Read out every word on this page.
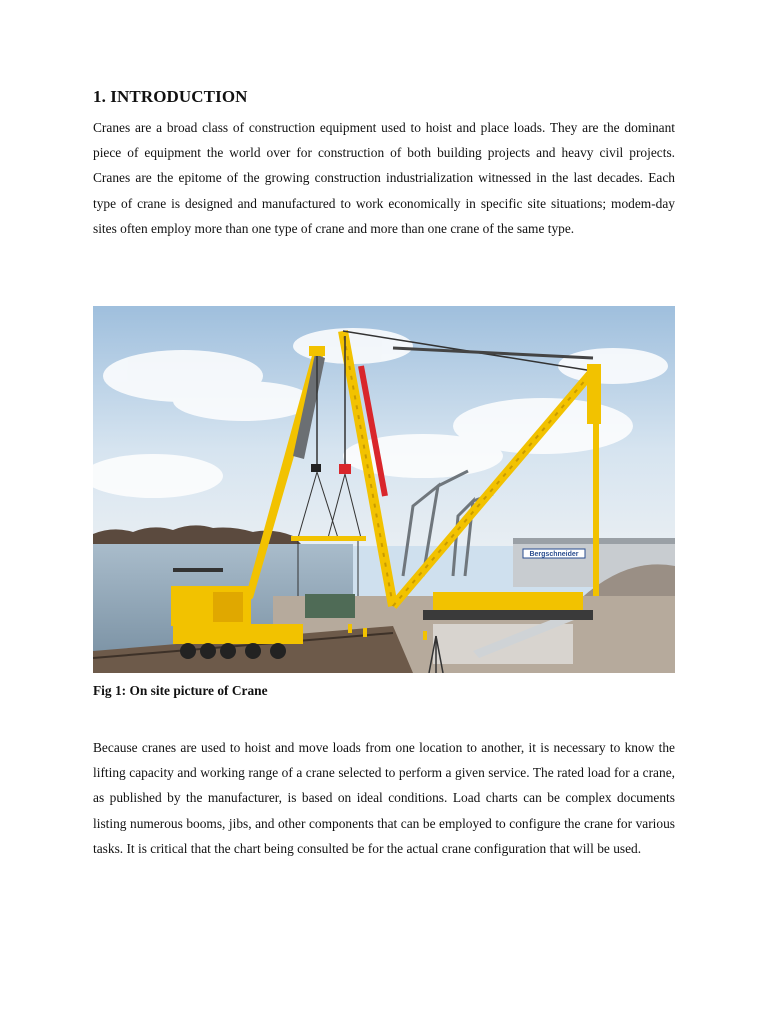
1. INTRODUCTION

Cranes are a broad class of construction equipment used to hoist and place loads. They are the dominant piece of equipment the world over for construction of both building projects and heavy civil projects. Cranes are the epitome of the growing construction industrialization witnessed in the last decades. Each type of crane is designed and manufactured to work economically in specific site situations; modem-day sites often employ more than one type of crane and more than one crane of the same type.

Bergschneider

Fig 1: On site picture of Crane

Because cranes are used to hoist and move loads from one location to another, it is necessary to know the lifting capacity and working range of a crane selected to perform a given service. The rated load for a crane, as published by the manufacturer, is based on ideal conditions. Load charts can be complex documents listing numerous booms, jibs, and other components that can be employed to configure the crane for various tasks. It is critical that the chart being consulted be for the actual crane configuration that will be used.
